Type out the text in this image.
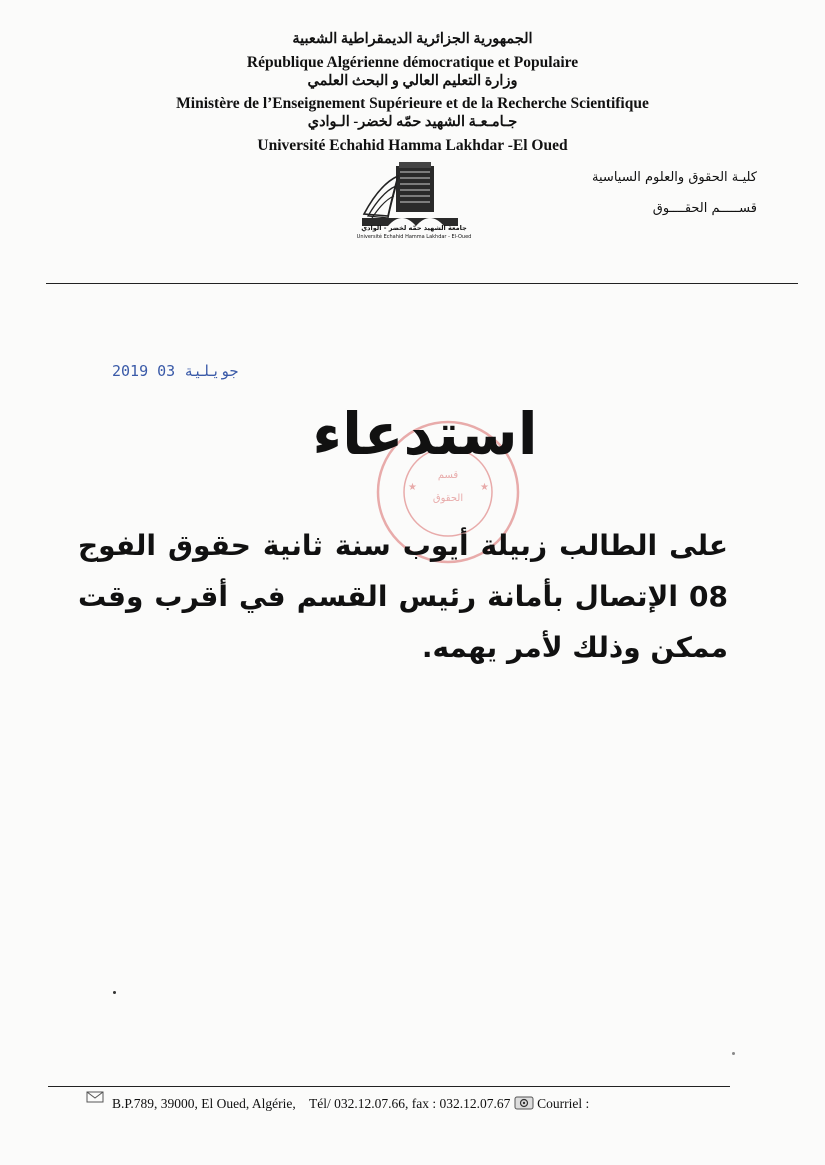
الجمهورية الجزائرية الديمقراطية الشعبية
République Algérienne démocratique et Populaire
وزارة التعليم العالي و البحث العلمي
Ministère de l’Enseignement Supérieure et de la Recherche Scientifique
جـامـعـة الشهيد حمّه لخضر- الـوادي
Université Echahid Hamma Lakhdar -El Oued
كليـة الحقوق والعلوم السياسية
قســـــم الحقــــوق
جامعة الشهيد حمّه لخضر - الوادي
Université Echahid Hamma Lakhdar - El-Oued
2019 جويلية 03
★	★
قسم
الحقوق
استدعاء
على الطالب زبيلة أيوب سنة ثانية حقوق الفوج 08 الإتصال بأمانة رئيس القسم في أقرب وقت ممكن وذلك لأمر يهمه.
B.P.789, 39000, El Oued, Algérie, Tél/ 032.12.07.66, fax : 032.12.07.67 Courriel :
